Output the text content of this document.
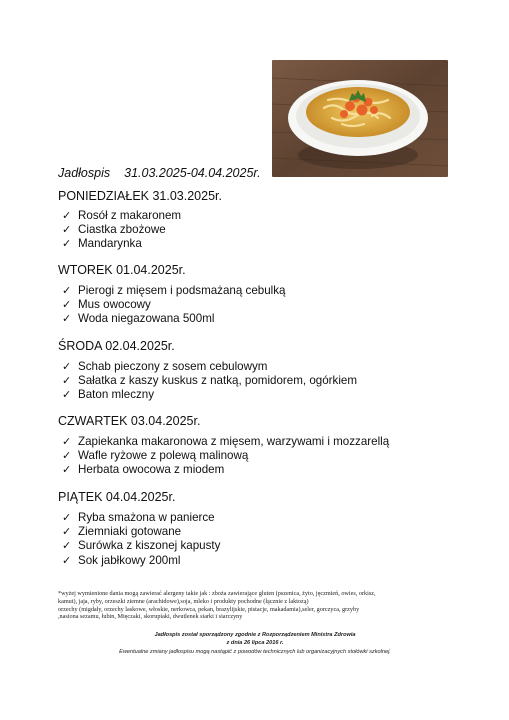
Jadłospis 31.03.2025-04.04.2025r.
PONIEDZIAŁEK 31.03.2025r.
✓ Rosół z makaronem
✓ Ciastka zbożowe
✓ Mandarynka
WTOREK 01.04.2025r.
✓ Pierogi z mięsem i podsmażaną cebulką
✓ Mus owocowy
✓ Woda niegazowana 500ml
ŚRODA 02.04.2025r.
✓ Schab pieczony z sosem cebulowym
✓ Sałatka z kaszy kuskus z natką, pomidorem, ogórkiem
✓ Baton mleczny
CZWARTEK 03.04.2025r.
✓ Zapiekanka makaronowa z mięsem, warzywami i mozzarellą
✓ Wafle ryżowe z polewą malinową
✓ Herbata owocowa z miodem
PIĄTEK 04.04.2025r.
✓ Ryba smażona w panierce
✓ Ziemniaki gotowane
✓ Surówka z kiszonej kapusty
✓ Sok jabłkowy 200ml
*wyżej wymienione dania mogą zawierać alergeny takie jak : zboża zawierające gluten (pszenica, żyto, jęczmień, owies, orkisz,
kamut), jaja, ryby, orzeszki ziemne (arachidowe),soja, mleko i produkty pochodne (łącznie z laktozą)
orzechy (migdały, orzechy laskowe, włoskie, nerkowca, pekan, brazylijskie, pistacje, makadamia),seler, gorczyca, grzyby
,nasiona sezamu, łubin, Mięczaki, skorupiaki, dwutlenek siarki i siarczyny
Jadłospis został sporządzony zgodnie z Rozporządzeniem Ministra Zdrowia
z dnia 26 lipca 2016 r.
Ewentualne zmiany jadłospisu mogą nastąpić z powodów technicznych lub organizacyjnych stołówki szkolnej.
